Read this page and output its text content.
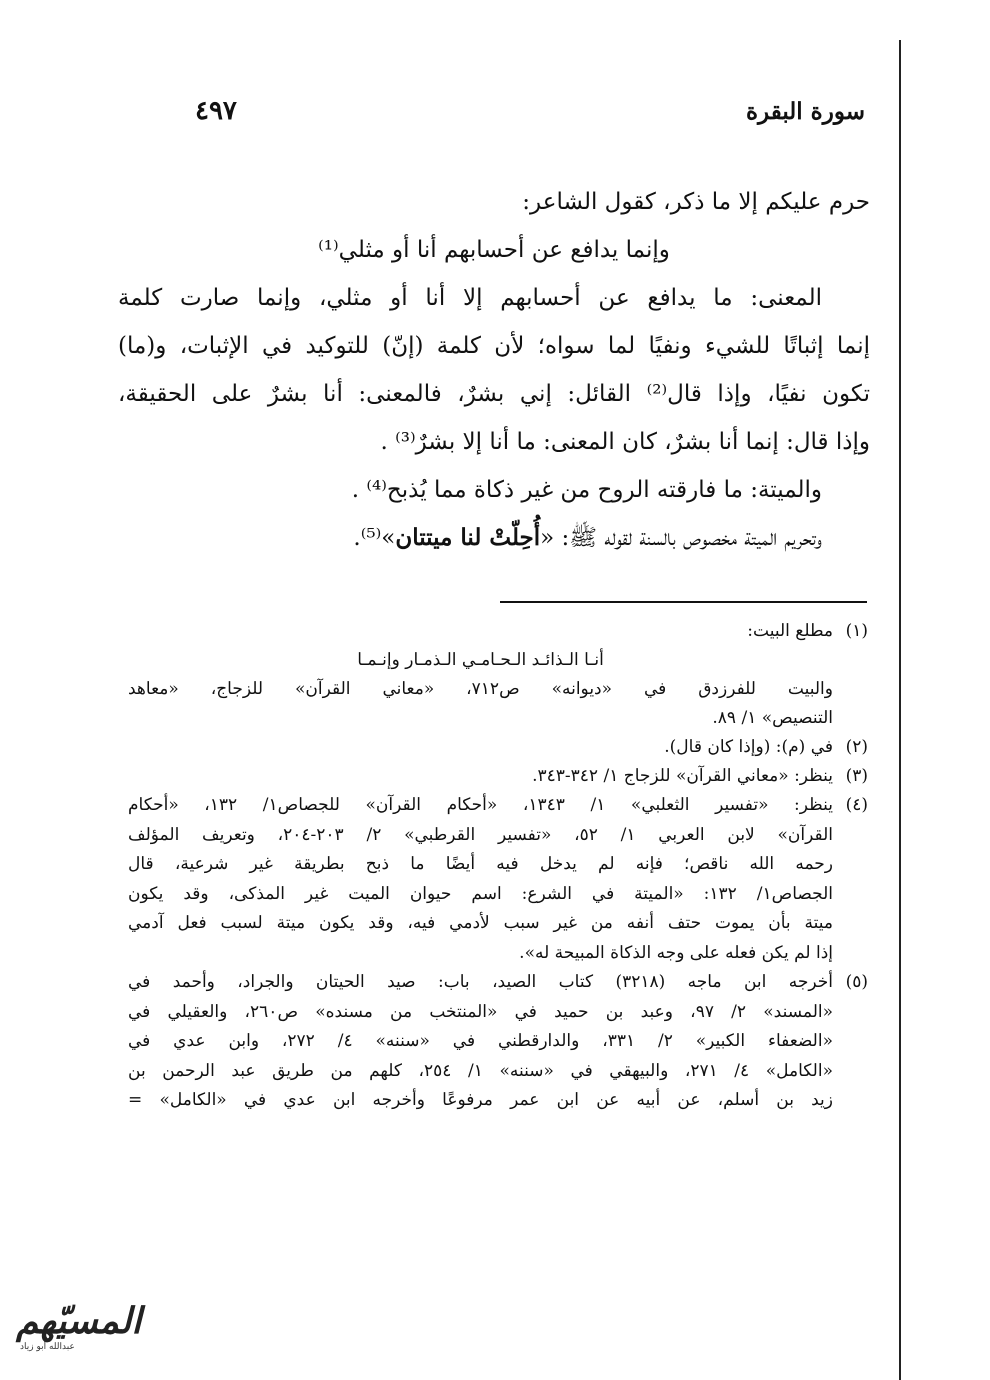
سورة البقرة
٤٩٧
حرم عليكم إلا ما ذكر، كقول الشاعر:
وإنما يدافع عن أحسابهم أنا أو مثلي⁽¹⁾
المعنى: ما يدافع عن أحسابهم إلا أنا أو مثلي، وإنما صارت كلمة
إنما إثباتًا للشيء ونفيًا لما سواه؛ لأن كلمة (إنّ) للتوكيد في الإثبات، و(ما)
تكون نفيًا، وإذا قال⁽²⁾ القائل: إني بشرٌ، فالمعنى: أنا بشرٌ على الحقيقة،
وإذا قال: إنما أنا بشرٌ، كان المعنى: ما أنا إلا بشرٌ⁽³⁾ .
والميتة: ما فارقته الروح من غير ذكاة مما يُذبح⁽⁴⁾ .
وتحريم الميتة مخصوص بالسنة لقوله ﷺ: «أُحِلّتْ لنا ميتتان»⁽⁵⁾.
(١)
مطلع البيت:
أنـا الـذائـد الـحـامـي الـذمـار وإنـمـا
والبيت للفرزدق في «ديوانه» ص٧١٢، «معاني القرآن» للزجاج، «معاهد
التنصيص» ١/ ٨٩.
(٢)
في (م): (وإذا كان قال).
(٣)
ينظر: «معاني القرآن» للزجاج ١/ ٣٤٢-٣٤٣.
(٤)
ينظر: «تفسير الثعلبي» ١/ ١٣٤٣، «أحكام القرآن» للجصاص١/ ١٣٢، «أحكام
القرآن» لابن العربي ١/ ٥٢، «تفسير القرطبي» ٢/ ٢٠٣-٢٠٤، وتعريف المؤلف
رحمه الله ناقص؛ فإنه لم يدخل فيه أيضًا ما ذبح بطريقة غير شرعية، قال
الجصاص١/ ١٣٢: «الميتة في الشرع: اسم حيوان الميت غير المذكى، وقد يكون
ميتة بأن يموت حتف أنفه من غير سبب لأدمي فيه، وقد يكون ميتة لسبب فعل آدمي
إذا لم يكن فعله على وجه الذكاة المبيحة له».
(٥)
أخرجه ابن ماجه (٣٢١٨) كتاب الصيد، باب: صيد الحيتان والجراد، وأحمد في
«المسند» ٢/ ٩٧، وعبد بن حميد في «المنتخب من مسنده» ص٢٦٠، والعقيلي في
«الضعفاء الكبير» ٢/ ٣٣١، والدارقطني في «سننه» ٤/ ٢٧٢، وابن عدي في
«الكامل» ٤/ ٢٧١، والبيهقي في «سننه» ١/ ٢٥٤، كلهم من طريق عبد الرحمن بن
زيد بن أسلم، عن أبيه عن ابن عمر مرفوعًا وأخرجه ابن عدي في «الكامل» =
المسيّهم
عبدالله أبو زياد
